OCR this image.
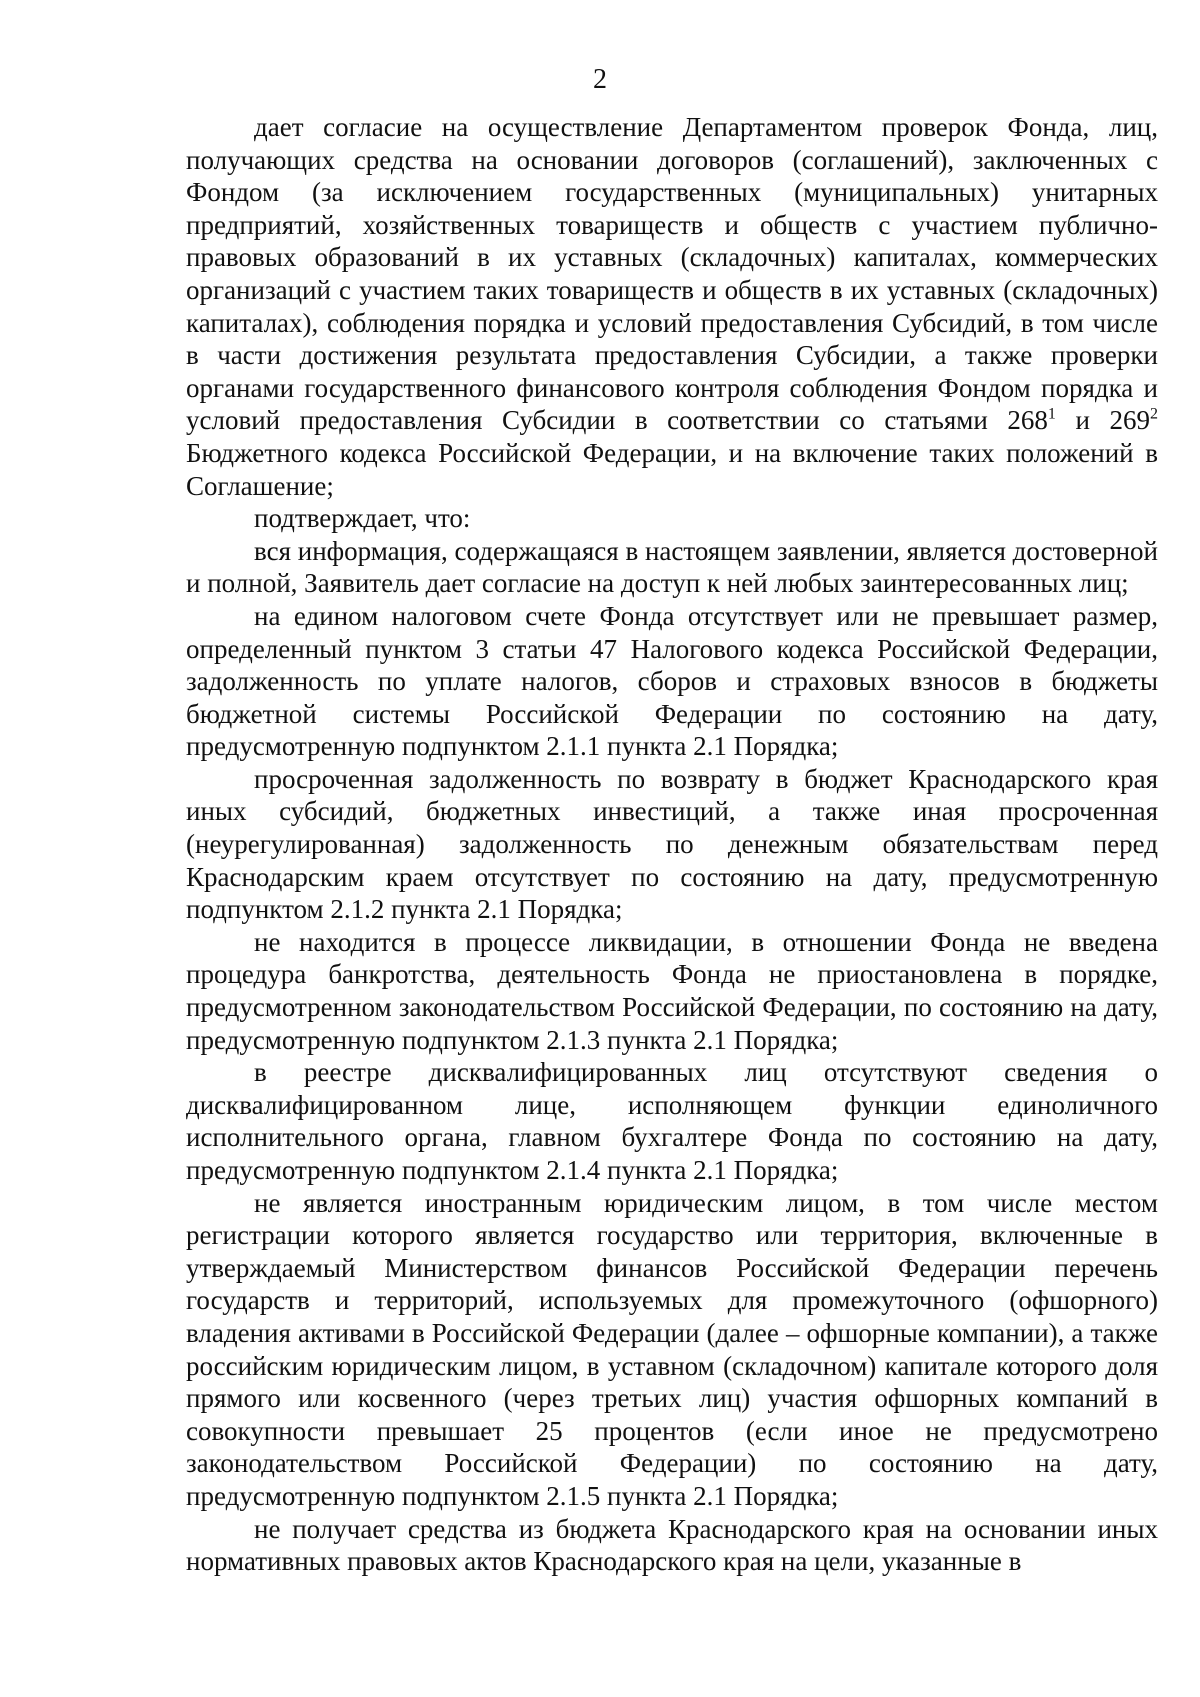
2

дает согласие на осуществление Департаментом проверок Фонда, лиц, получающих средства на основании договоров (соглашений), заключенных с Фондом (за исключением государственных (муниципальных) унитарных предприятий, хозяйственных товариществ и обществ с участием публично-правовых образований в их уставных (складочных) капиталах, коммерческих организаций с участием таких товариществ и обществ в их уставных (складочных) капиталах), соблюдения порядка и условий предоставления Субсидий, в том числе в части достижения результата предоставления Субсидии, а также проверки органами государственного финансового контроля соблюдения Фондом порядка и условий предоставления Субсидии в соответствии со статьями $268^1$ и $269^2$ Бюджетного кодекса Российской Федерации, и на включение таких положений в Соглашение;

подтверждает, что:

вся информация, содержащаяся в настоящем заявлении, является достоверной и полной, Заявитель дает согласие на доступ к ней любых заинтересованных лиц;

на едином налоговом счете Фонда отсутствует или не превышает размер, определенный пунктом 3 статьи 47 Налогового кодекса Российской Федерации, задолженность по уплате налогов, сборов и страховых взносов в бюджеты бюджетной системы Российской Федерации по состоянию на дату, предусмотренную подпунктом 2.1.1 пункта 2.1 Порядка;

просроченная задолженность по возврату в бюджет Краснодарского края иных субсидий, бюджетных инвестиций, а также иная просроченная (неурегулированная) задолженность по денежным обязательствам перед Краснодарским краем отсутствует по состоянию на дату, предусмотренную подпунктом 2.1.2 пункта 2.1 Порядка;

не находится в процессе ликвидации, в отношении Фонда не введена процедура банкротства, деятельность Фонда не приостановлена в порядке, предусмотренном законодательством Российской Федерации, по состоянию на дату, предусмотренную подпунктом 2.1.3 пункта 2.1 Порядка;

в реестре дисквалифицированных лиц отсутствуют сведения о дисквалифицированном лице, исполняющем функции единоличного исполнительного органа, главном бухгалтере Фонда по состоянию на дату, предусмотренную подпунктом 2.1.4 пункта 2.1 Порядка;

не является иностранным юридическим лицом, в том числе местом регистрации которого является государство или территория, включенные в утверждаемый Министерством финансов Российской Федерации перечень государств и территорий, используемых для промежуточного (офшорного) владения активами в Российской Федерации (далее – офшорные компании), а также российским юридическим лицом, в уставном (складочном) капитале которого доля прямого или косвенного (через третьих лиц) участия офшорных компаний в совокупности превышает 25 процентов (если иное не предусмотрено законодательством Российской Федерации) по состоянию на дату, предусмотренную подпунктом 2.1.5 пункта 2.1 Порядка;

не получает средства из бюджета Краснодарского края на основании иных нормативных правовых актов Краснодарского края на цели, указанные в
